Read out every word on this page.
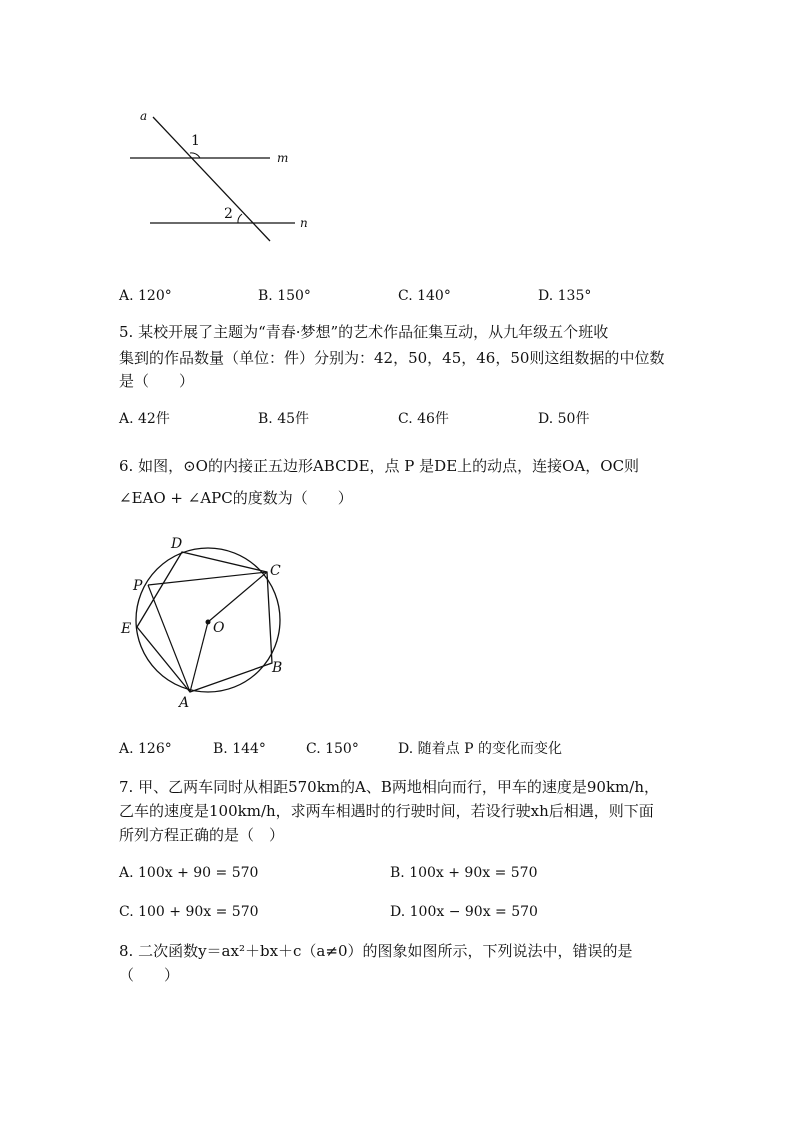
a
m
n
1
2
A. 120°	B. 150°	C. 140°	D. 135°
5. 某校开展了主题为“青春·梦想”的艺术作品征集互动，从九年级五个班收
集到的作品数量（单位：件）分别为：42，50，45，46，50则这组数据的中位数
是（　　）
A. 42件	B. 45件	C. 46件	D. 50件
6. 如图，⊙O的内接正五边形ABCDE，点 P 是DE上的动点，连接OA，OC则
∠EAO + ∠APC的度数为（　　）
D
C
P
E	O
B
A
A. 126°	B. 144°	C. 150°	D. 随着点 P 的变化而变化
7. 甲、乙两车同时从相距570km的A、B两地相向而行，甲车的速度是90km/h，
乙车的速度是100km/h，求两车相遇时的行驶时间，若设行驶xh后相遇，则下面
所列方程正确的是（　）
A. 100x + 90 = 570	B. 100x + 90x = 570
C. 100 + 90x = 570	D. 100x − 90x = 570
8. 二次函数y＝ax²＋bx＋c（a≠0）的图象如图所示，下列说法中，错误的是
（　　）
